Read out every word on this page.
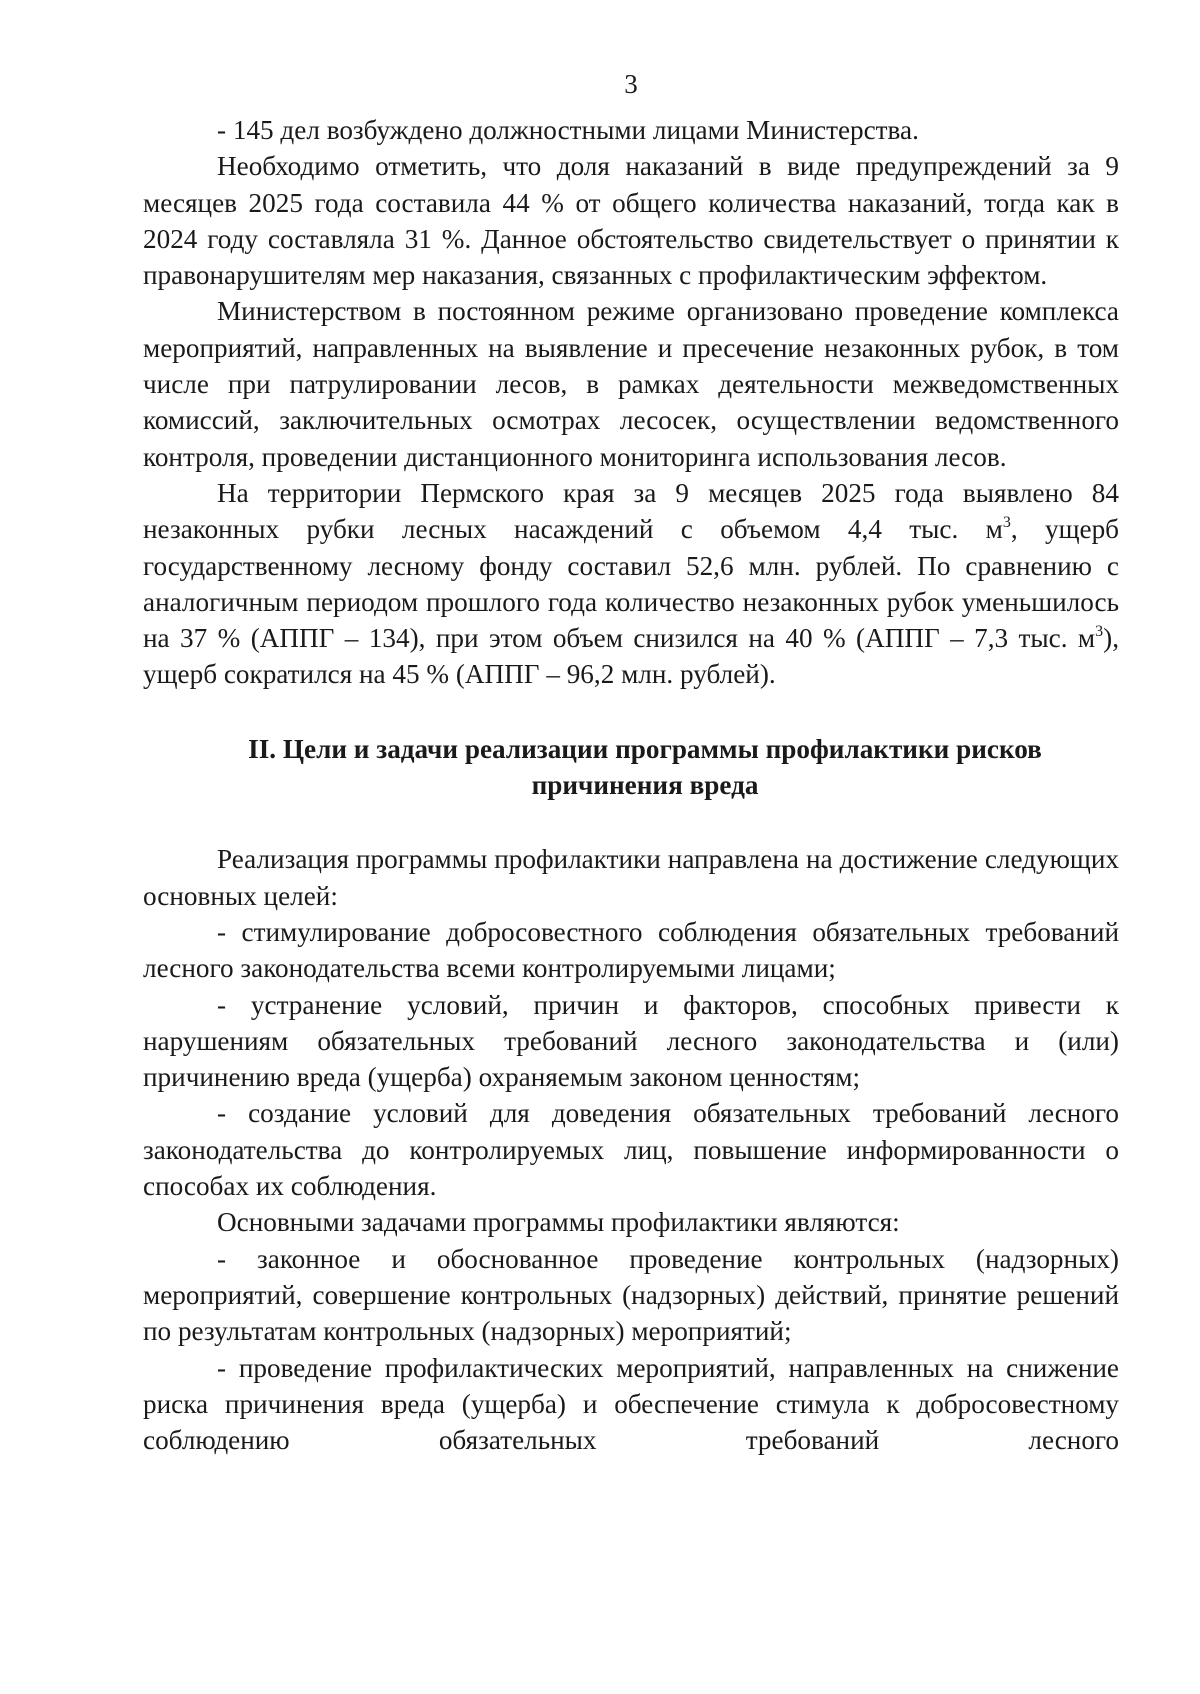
3

- 145 дел возбуждено должностными лицами Министерства.

Необходимо отметить, что доля наказаний в виде предупреждений за 9 месяцев 2025 года составила 44 % от общего количества наказаний, тогда как в 2024 году составляла 31 %. Данное обстоятельство свидетельствует о принятии к правонарушителям мер наказания, связанных с профилактическим эффектом.

Министерством в постоянном режиме организовано проведение комплекса мероприятий, направленных на выявление и пресечение незаконных рубок, в том числе при патрулировании лесов, в рамках деятельности межведомственных комиссий, заключительных осмотрах лесосек, осуществлении ведомственного контроля, проведении дистанционного мониторинга использования лесов.

На территории Пермского края за 9 месяцев 2025 года выявлено 84 незаконных рубки лесных насаждений с объемом 4,4 тыс. $м^3$, ущерб государственному лесному фонду составил 52,6 млн. рублей. По сравнению с аналогичным периодом прошлого года количество незаконных рубок уменьшилось на 37 % (АППГ – 134), при этом объем снизился на 40 % (АППГ – 7,3 тыс. $м^3$), ущерб сократился на 45 % (АППГ – 96,2 млн. рублей).

II. Цели и задачи реализации программы профилактики рисков
причинения вреда

Реализация программы профилактики направлена на достижение следующих основных целей:

- стимулирование добросовестного соблюдения обязательных требований лесного законодательства всеми контролируемыми лицами;

- устранение условий, причин и факторов, способных привести к нарушениям обязательных требований лесного законодательства и (или) причинению вреда (ущерба) охраняемым законом ценностям;

- создание условий для доведения обязательных требований лесного законодательства до контролируемых лиц, повышение информированности о способах их соблюдения.

Основными задачами программы профилактики являются:

- законное и обоснованное проведение контрольных (надзорных) мероприятий, совершение контрольных (надзорных) действий, принятие решений по результатам контрольных (надзорных) мероприятий;

- проведение профилактических мероприятий, направленных на снижение риска причинения вреда (ущерба) и обеспечение стимула к добросовестному соблюдению обязательных требований лесного
